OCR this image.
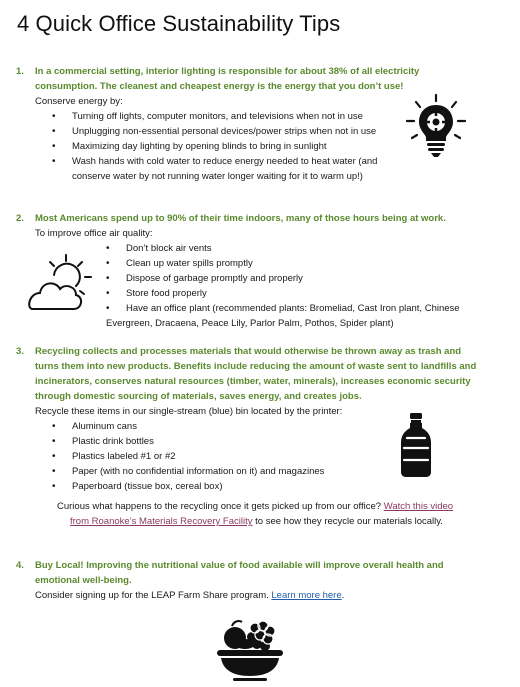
4 Quick Office Sustainability Tips
1. In a commercial setting, interior lighting is responsible for about 38% of all electricity
consumption. The cleanest and cheapest energy is the energy that you don’t use!
Conserve energy by:
• Turning off lights, computer monitors, and televisions when not in use
• Unplugging non-essential personal devices/power strips when not in use
• Maximizing day lighting by opening blinds to bring in sunlight
• Wash hands with cold water to reduce energy needed to heat water (and
conserve water by not running water longer waiting for it to warm up!)
2. Most Americans spend up to 90% of their time indoors, many of those hours being at work.
To improve office air quality:
• Don’t block air vents
• Clean up water spills promptly
• Dispose of garbage promptly and properly
• Store food properly
• Have an office plant (recommended plants: Bromeliad, Cast Iron plant, Chinese
Evergreen, Dracaena, Peace Lily, Parlor Palm, Pothos, Spider plant)
3. Recycling collects and processes materials that would otherwise be thrown away as trash and
turns them into new products. Benefits include reducing the amount of waste sent to landfills and
incinerators, conserves natural resources (timber, water, minerals), increases economic security
through domestic sourcing of materials, saves energy, and creates jobs.
Recycle these items in our single-stream (blue) bin located by the printer:
• Aluminum cans
• Plastic drink bottles
• Plastics labeled #1 or #2
• Paper (with no confidential information on it) and magazines
• Paperboard (tissue box, cereal box)
Curious what happens to the recycling once it gets picked up from our office? Watch this video
from Roanoke’s Materials Recovery Facility to see how they recycle our materials locally.
4. Buy Local! Improving the nutritional value of food available will improve overall health and
emotional well-being.
Consider signing up for the LEAP Farm Share program. Learn more here.
